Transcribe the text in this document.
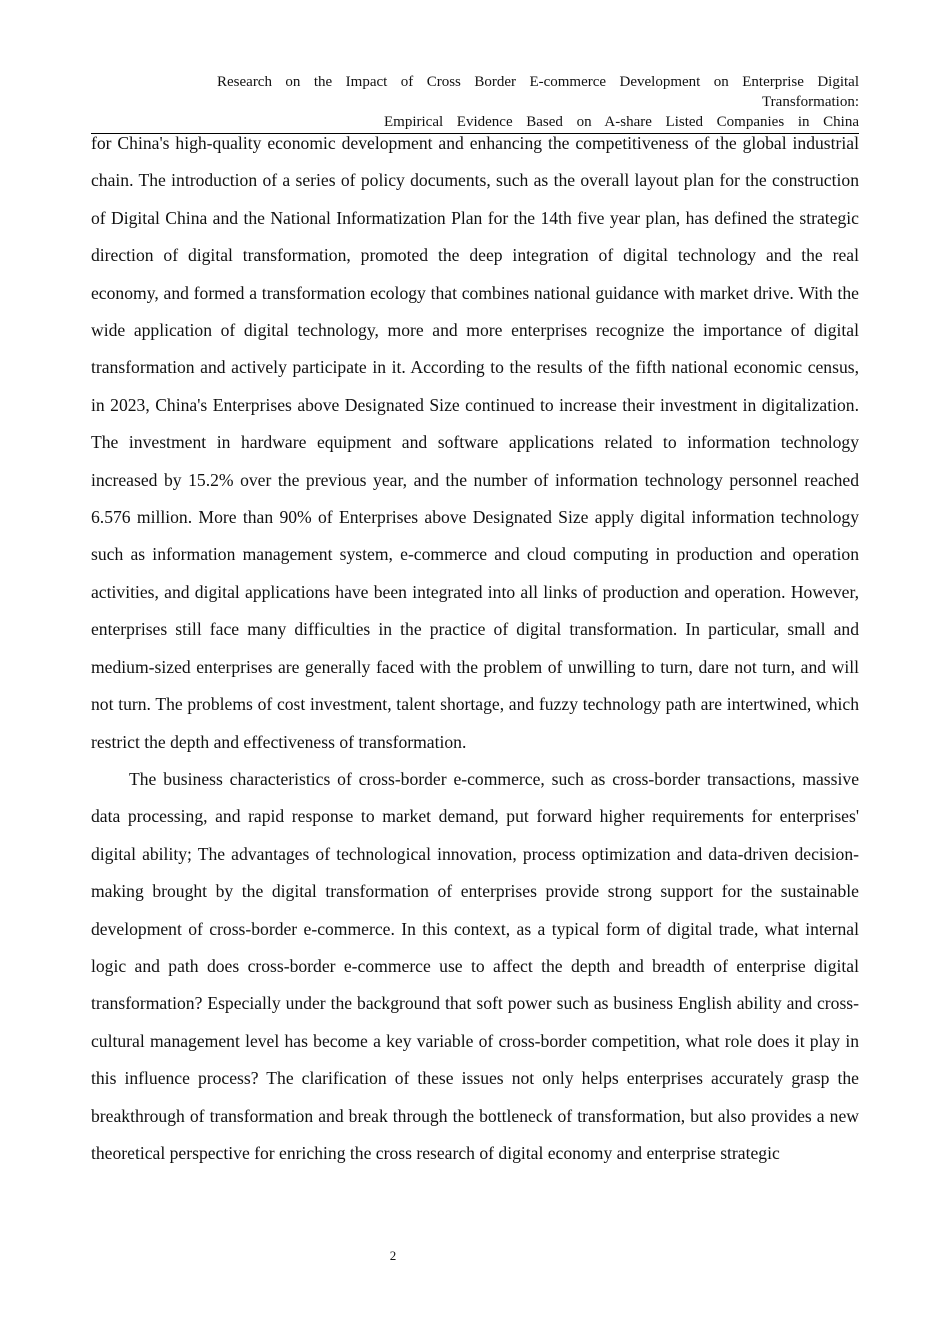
Research on the Impact of Cross Border E-commerce Development on Enterprise Digital
Transformation:
Empirical Evidence Based on A-share Listed Companies in China

for China's high-quality economic development and enhancing the competitiveness of the global industrial chain. The introduction of a series of policy documents, such as the overall layout plan for the construction of Digital China and the National Informatization Plan for the 14th five year plan, has defined the strategic direction of digital transformation, promoted the deep integration of digital technology and the real economy, and formed a transformation ecology that combines national guidance with market drive. With the wide application of digital technology, more and more enterprises recognize the importance of digital transformation and actively participate in it. According to the results of the fifth national economic census, in 2023, China's Enterprises above Designated Size continued to increase their investment in digitalization. The investment in hardware equipment and software applications related to information technology increased by 15.2% over the previous year, and the number of information technology personnel reached 6.576 million. More than 90% of Enterprises above Designated Size apply digital information technology such as information management system, e-commerce and cloud computing in production and operation activities, and digital applications have been integrated into all links of production and operation. However, enterprises still face many difficulties in the practice of digital transformation. In particular, small and medium-sized enterprises are generally faced with the problem of unwilling to turn, dare not turn, and will not turn. The problems of cost investment, talent shortage, and fuzzy technology path are intertwined, which restrict the depth and effectiveness of transformation.

The business characteristics of cross-border e-commerce, such as cross-border transactions, massive data processing, and rapid response to market demand, put forward higher requirements for enterprises' digital ability; The advantages of technological innovation, process optimization and data-driven decision-making brought by the digital transformation of enterprises provide strong support for the sustainable development of cross-border e-commerce. In this context, as a typical form of digital trade, what internal logic and path does cross-border e-commerce use to affect the depth and breadth of enterprise digital transformation? Especially under the background that soft power such as business English ability and cross-cultural management level has become a key variable of cross-border competition, what role does it play in this influence process? The clarification of these issues not only helps enterprises accurately grasp the breakthrough of transformation and break through the bottleneck of transformation, but also provides a new theoretical perspective for enriching the cross research of digital economy and enterprise strategic

2
